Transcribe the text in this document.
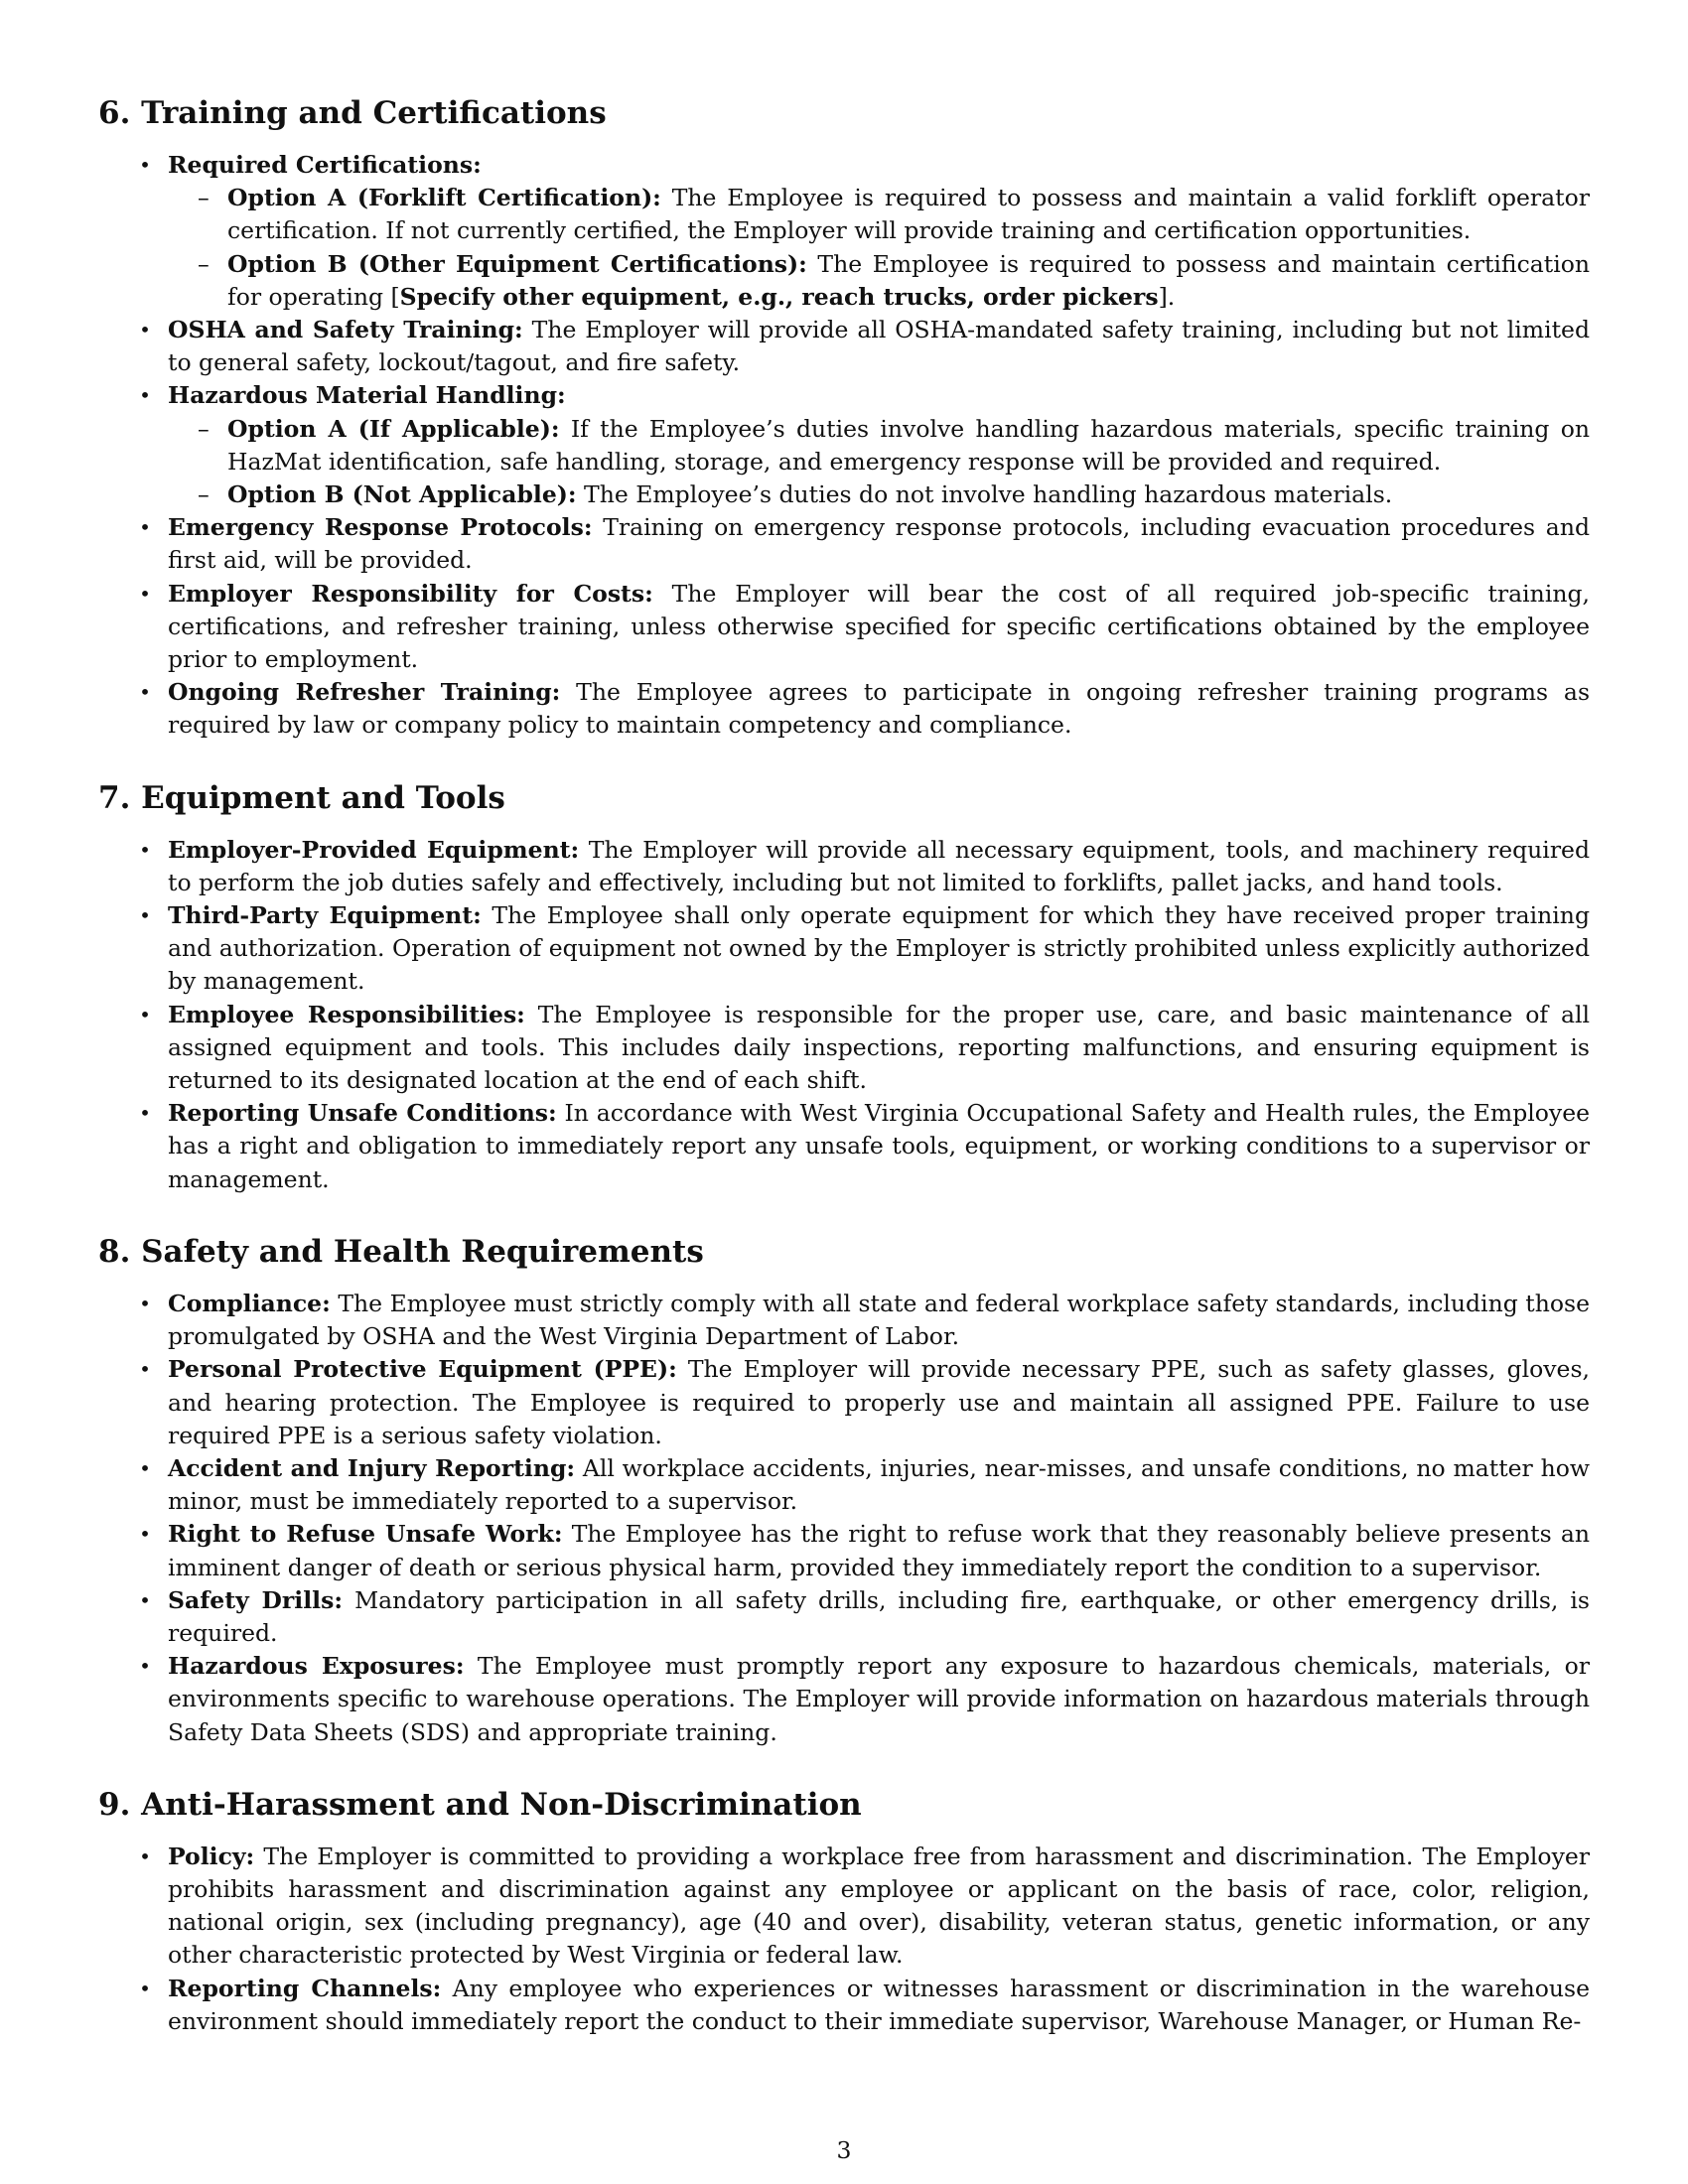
6. Training and Certifications
• Required Certifications:
– Option A (Forklift Certification): The Employee is required to possess and maintain a valid forklift operator certification. If not currently certified, the Employer will provide training and certification opportunities.
– Option B (Other Equipment Certifications): The Employee is required to possess and maintain certification for operating [Specify other equipment, e.g., reach trucks, order pickers].
• OSHA and Safety Training: The Employer will provide all OSHA-mandated safety training, including but not limited to general safety, lockout/tagout, and fire safety.
• Hazardous Material Handling:
– Option A (If Applicable): If the Employee’s duties involve handling hazardous materials, specific training on HazMat identification, safe handling, storage, and emergency response will be provided and required.
– Option B (Not Applicable): The Employee’s duties do not involve handling hazardous materials.
• Emergency Response Protocols: Training on emergency response protocols, including evacuation procedures and first aid, will be provided.
• Employer Responsibility for Costs: The Employer will bear the cost of all required job-specific training, certifications, and refresher training, unless otherwise specified for specific certifications obtained by the employee prior to employment.
• Ongoing Refresher Training: The Employee agrees to participate in ongoing refresher training programs as required by law or company policy to maintain competency and compliance.
7. Equipment and Tools
• Employer-Provided Equipment: The Employer will provide all necessary equipment, tools, and machinery required to perform the job duties safely and effectively, including but not limited to forklifts, pallet jacks, and hand tools.
• Third-Party Equipment: The Employee shall only operate equipment for which they have received proper training and authorization. Operation of equipment not owned by the Employer is strictly prohibited unless explicitly authorized by management.
• Employee Responsibilities: The Employee is responsible for the proper use, care, and basic maintenance of all assigned equipment and tools. This includes daily inspections, reporting malfunctions, and ensuring equipment is returned to its designated location at the end of each shift.
• Reporting Unsafe Conditions: In accordance with West Virginia Occupational Safety and Health rules, the Employee has a right and obligation to immediately report any unsafe tools, equipment, or working conditions to a supervisor or management.
8. Safety and Health Requirements
• Compliance: The Employee must strictly comply with all state and federal workplace safety standards, including those promulgated by OSHA and the West Virginia Department of Labor.
• Personal Protective Equipment (PPE): The Employer will provide necessary PPE, such as safety glasses, gloves, and hearing protection. The Employee is required to properly use and maintain all assigned PPE. Failure to use required PPE is a serious safety violation.
• Accident and Injury Reporting: All workplace accidents, injuries, near-misses, and unsafe conditions, no matter how minor, must be immediately reported to a supervisor.
• Right to Refuse Unsafe Work: The Employee has the right to refuse work that they reasonably believe presents an imminent danger of death or serious physical harm, provided they immediately report the condition to a supervisor.
• Safety Drills: Mandatory participation in all safety drills, including fire, earthquake, or other emergency drills, is required.
• Hazardous Exposures: The Employee must promptly report any exposure to hazardous chemicals, materials, or environments specific to warehouse operations. The Employer will provide information on hazardous materials through Safety Data Sheets (SDS) and appropriate training.
9. Anti-Harassment and Non-Discrimination
• Policy: The Employer is committed to providing a workplace free from harassment and discrimination. The Employer prohibits harassment and discrimination against any employee or applicant on the basis of race, color, religion, national origin, sex (including pregnancy), age (40 and over), disability, veteran status, genetic information, or any other characteristic protected by West Virginia or federal law.
• Reporting Channels: Any employee who experiences or witnesses harassment or discrimination in the warehouse environment should immediately report the conduct to their immediate supervisor, Warehouse Manager, or Human Re-
3
